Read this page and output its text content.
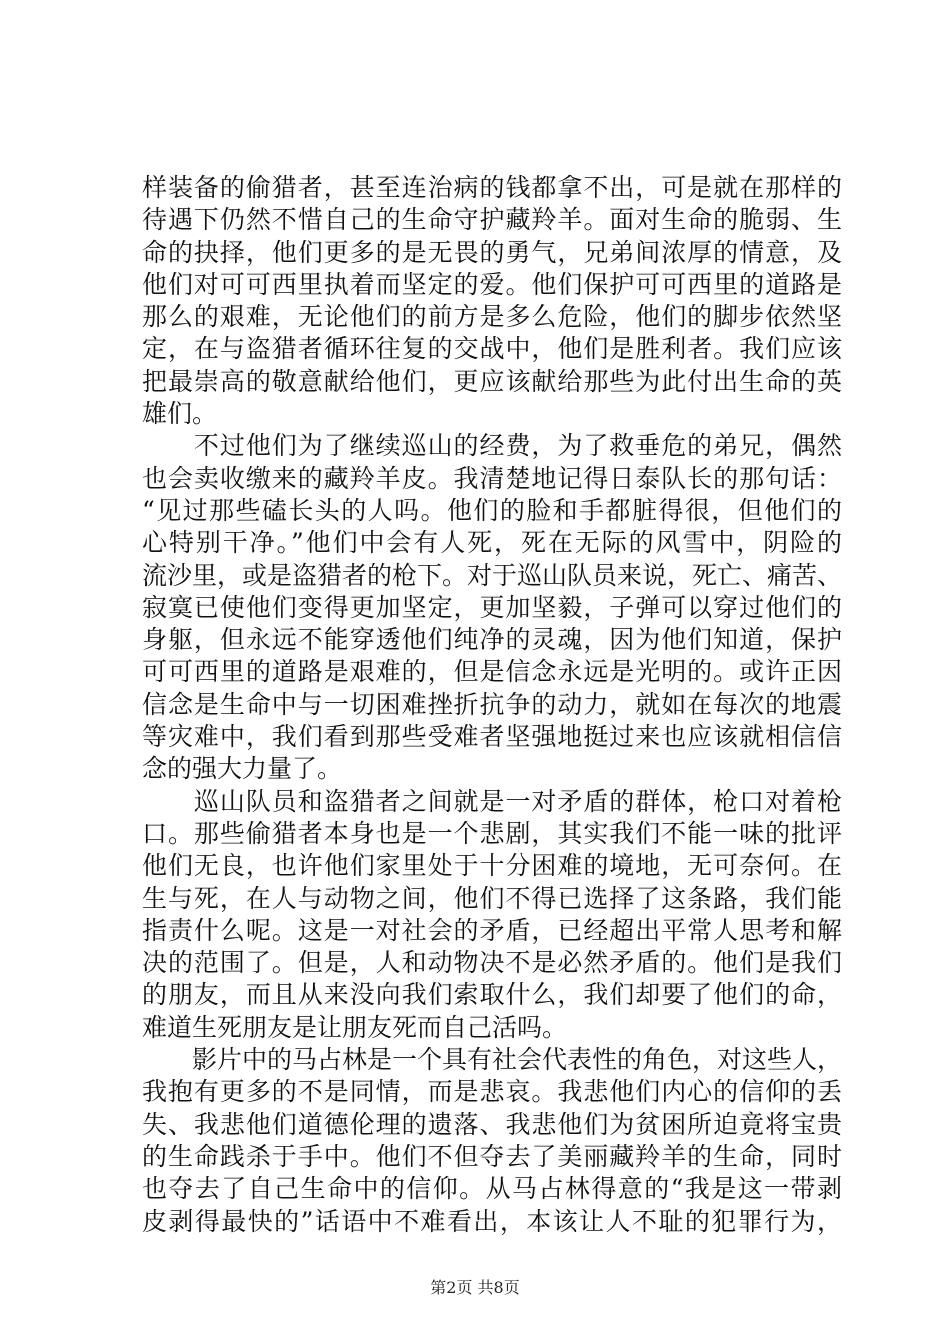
样装备的偷猎者，甚至连治病的钱都拿不出，可是就在那样的
待遇下仍然不惜自己的生命守护藏羚羊。面对生命的脆弱、生
命的抉择，他们更多的是无畏的勇气，兄弟间浓厚的情意，及
他们对可可西里执着而坚定的爱。他们保护可可西里的道路是
那么的艰难，无论他们的前方是多么危险，他们的脚步依然坚
定，在与盗猎者循环往复的交战中，他们是胜利者。我们应该
把最崇高的敬意献给他们，更应该献给那些为此付出生命的英
雄们。
　　不过他们为了继续巡山的经费，为了救垂危的弟兄，偶然
也会卖收缴来的藏羚羊皮。我清楚地记得日泰队长的那句话：
“见过那些磕长头的人吗。他们的脸和手都脏得很，但他们的
心特别干净。”他们中会有人死，死在无际的风雪中，阴险的
流沙里，或是盗猎者的枪下。对于巡山队员来说，死亡、痛苦、
寂寞已使他们变得更加坚定，更加坚毅，子弹可以穿过他们的
身躯，但永远不能穿透他们纯净的灵魂，因为他们知道，保护
可可西里的道路是艰难的，但是信念永远是光明的。或许正因
信念是生命中与一切困难挫折抗争的动力，就如在每次的地震
等灾难中，我们看到那些受难者坚强地挺过来也应该就相信信
念的强大力量了。
　　巡山队员和盗猎者之间就是一对矛盾的群体，枪口对着枪
口。那些偷猎者本身也是一个悲剧，其实我们不能一味的批评
他们无良，也许他们家里处于十分困难的境地，无可奈何。在
生与死，在人与动物之间，他们不得已选择了这条路，我们能
指责什么呢。这是一对社会的矛盾，已经超出平常人思考和解
决的范围了。但是，人和动物决不是必然矛盾的。他们是我们
的朋友，而且从来没向我们索取什么，我们却要了他们的命，
难道生死朋友是让朋友死而自己活吗。
　　影片中的马占林是一个具有社会代表性的角色，对这些人，
我抱有更多的不是同情，而是悲哀。我悲他们内心的信仰的丢
失、我悲他们道德伦理的遗落、我悲他们为贫困所迫竟将宝贵
的生命践杀于手中。他们不但夺去了美丽藏羚羊的生命，同时
也夺去了自己生命中的信仰。从马占林得意的“我是这一带剥
皮剥得最快的”话语中不难看出，本该让人不耻的犯罪行为，
第2页 共8页
